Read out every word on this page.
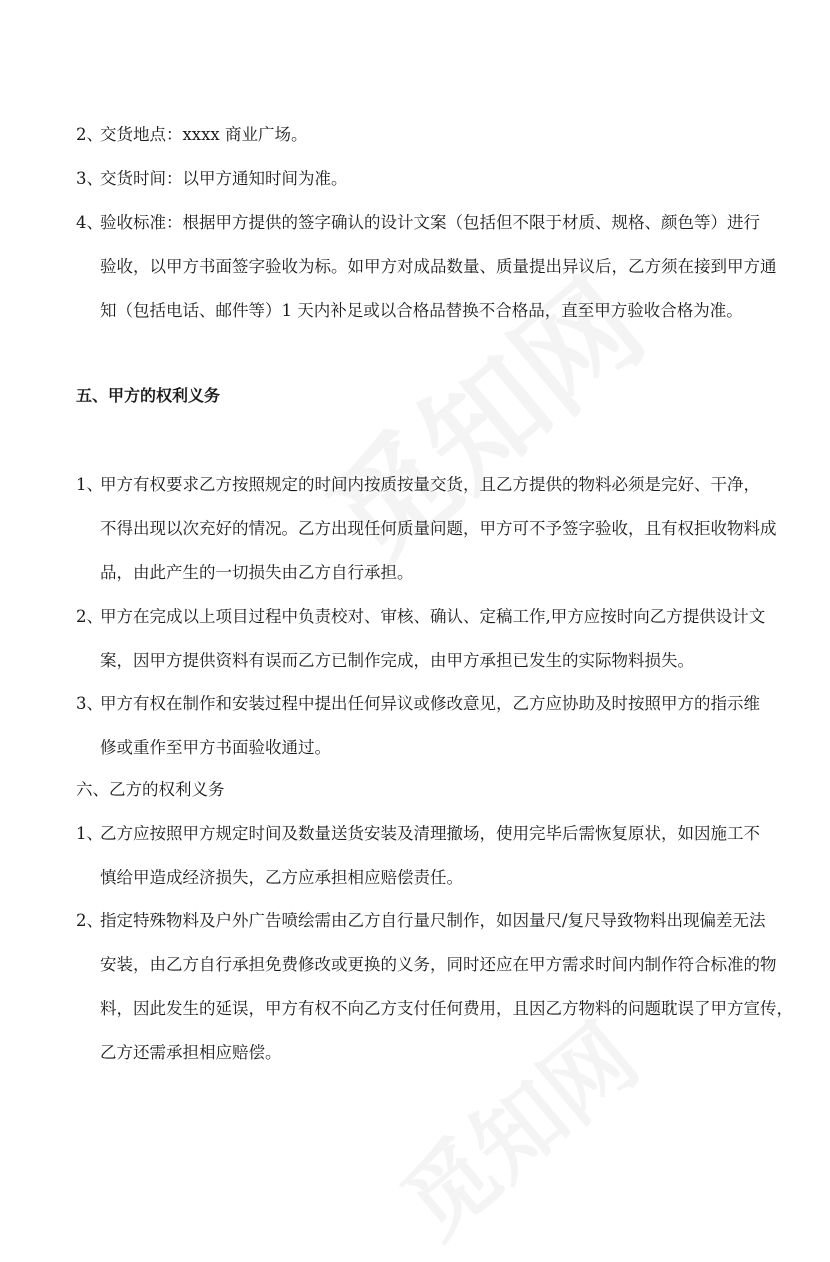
2、
交货地点：xxxx 商业广场。
3、
交货时间：以甲方通知时间为准。
4、
验收标准：根据甲方提供的签字确认的设计文案（包括但不限于材质、规格、颜色等）进行
验收，以甲方书面签字验收为标。如甲方对成品数量、质量提出异议后，乙方须在接到甲方通
知（包括电话、邮件等）1 天内补足或以合格品替换不合格品，直至甲方验收合格为准。
五、甲方的权利义务
1、
甲方有权要求乙方按照规定的时间内按质按量交货，且乙方提供的物料必须是完好、干净，
不得出现以次充好的情况。乙方出现任何质量问题，甲方可不予签字验收，且有权拒收物料成
品，由此产生的一切损失由乙方自行承担。
2、
甲方在完成以上项目过程中负责校对、审核、确认、定稿工作,甲方应按时向乙方提供设计文
案，因甲方提供资料有误而乙方已制作完成，由甲方承担已发生的实际物料损失。
3、
甲方有权在制作和安装过程中提出任何异议或修改意见，乙方应协助及时按照甲方的指示维
修或重作至甲方书面验收通过。
六、乙方的权利义务
1、
乙方应按照甲方规定时间及数量送货安装及清理撤场，使用完毕后需恢复原状，如因施工不
慎给甲造成经济损失，乙方应承担相应赔偿责任。
2、
指定特殊物料及户外广告喷绘需由乙方自行量尺制作，如因量尺/复尺导致物料出现偏差无法
安装，由乙方自行承担免费修改或更换的义务，同时还应在甲方需求时间内制作符合标准的物
料，因此发生的延误，甲方有权不向乙方支付任何费用，且因乙方物料的问题耽误了甲方宣传，
乙方还需承担相应赔偿。
